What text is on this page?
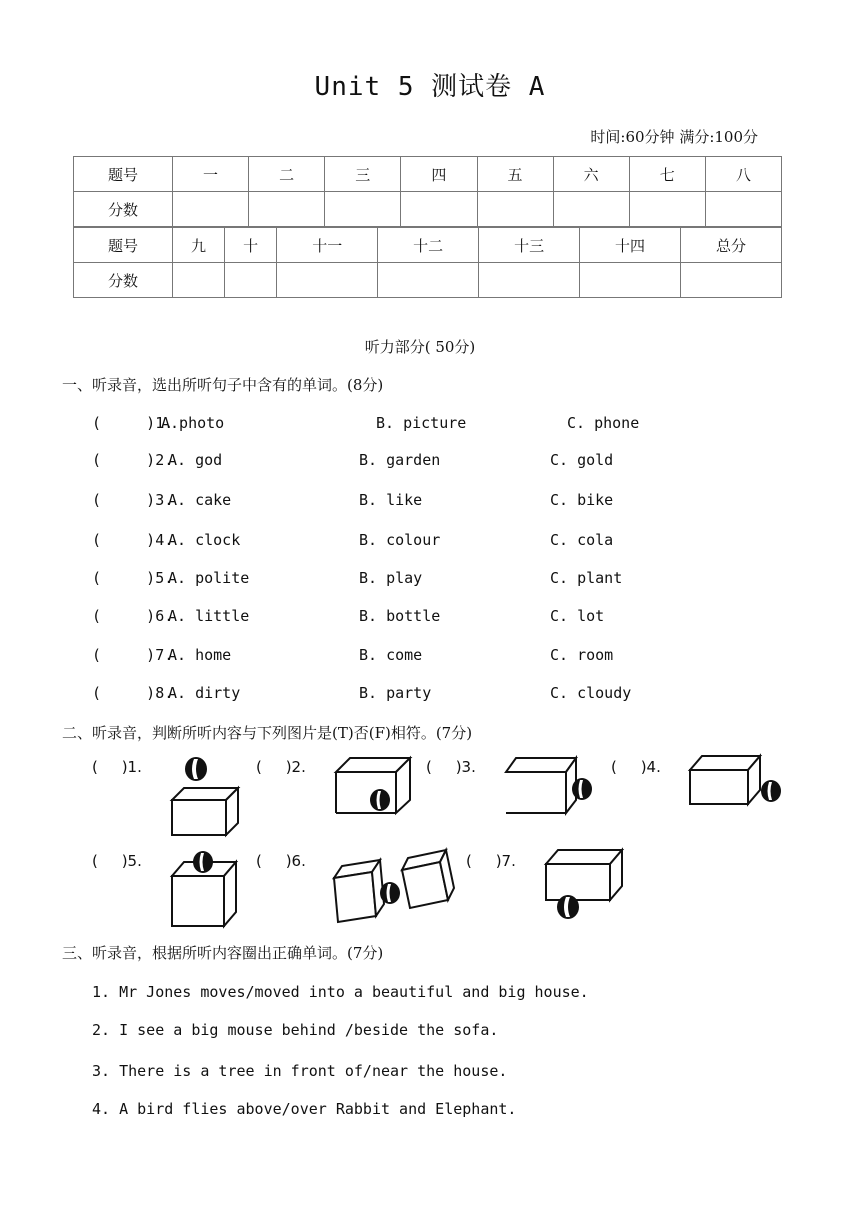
Unit 5 测试卷 A
时间:60分钟 满分:100分
题号	一	二	三	四	五	六	七	八
分数								
题号	九	十	十一	十二	十三	十四	总分
分数							
听力部分( 50分)
一、听录音，选出所听句子中含有的单词。(8分)
(     )1.
A.photo	B. picture	C. phone
(     )2.
A. god	B. garden	C. gold
(     )3.
A. cake	B. like	C. bike
(     )4.
A. clock	B. colour	C. cola
(     )5.
A. polite	B. play	C. plant
(     )6.
A. little	B. bottle	C. lot
(     )7.
A. home	B. come	C. room
(     )8.
A. dirty	B. party	C. cloudy
二、听录音，判断所听内容与下列图片是(T)否(F)相符。(7分)
(     )1.	(     )2.	(     )3.	(     )4.
(     )5.	(     )6.	(     )7.
三、听录音，根据所听内容圈出正确单词。(7分)
1. Mr Jones moves/moved into a beautiful and big house.
2. I see a big mouse behind /beside the sofa.
3. There is a tree in front of/near the house.
4. A bird flies above/over Rabbit and Elephant.
